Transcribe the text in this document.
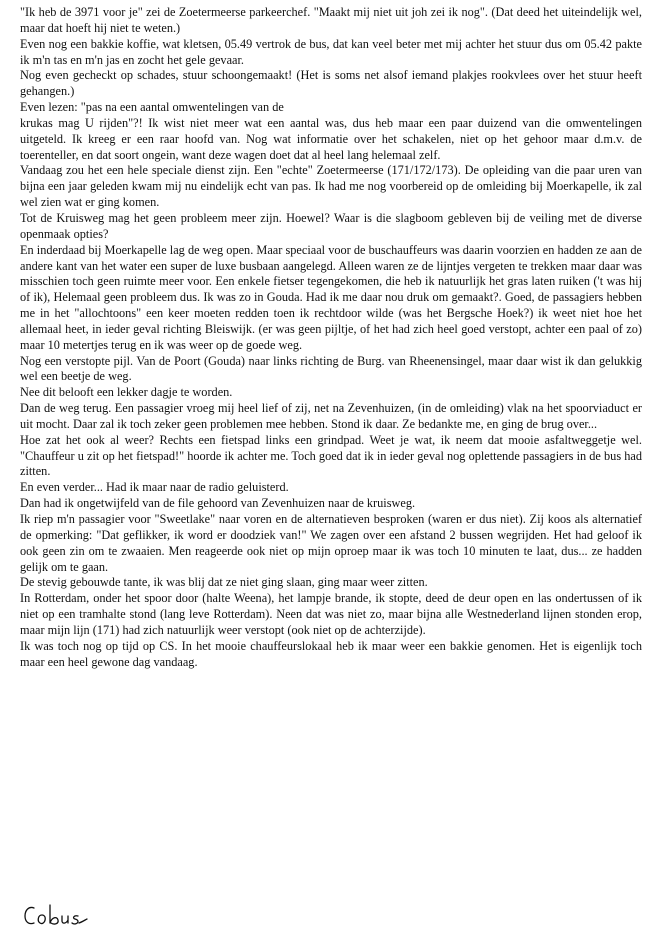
"Ik heb de 3971 voor je" zei de Zoetermeerse parkeerchef. "Maakt mij niet uit joh zei ik nog". (Dat deed het uiteindelijk wel, maar dat hoeft hij niet te weten.)

Even nog een bakkie koffie, wat kletsen, 05.49 vertrok de bus, dat kan veel beter met mij achter het stuur dus om 05.42 pakte ik m'n tas en m'n jas en zocht het gele gevaar.

Nog even gecheckt op schades, stuur schoongemaakt! (Het is soms net alsof iemand plakjes rookvlees over het stuur heeft gehangen.)

Even lezen: "pas na een aantal omwentelingen van de

krukas mag U rijden"?! Ik wist niet meer wat een aantal was, dus heb maar een paar duizend van die omwentelingen uitgeteld. Ik kreeg er een raar hoofd van. Nog wat informatie over het schakelen, niet op het gehoor maar d.m.v. de toerenteller, en dat soort ongein, want deze wagen doet dat al heel lang helemaal zelf.

Vandaag zou het een hele speciale dienst zijn. Een "echte" Zoetermeerse (171/172/173). De opleiding van die paar uren van bijna een jaar geleden kwam mij nu eindelijk echt van pas. Ik had me nog voorbereid op de omleiding bij Moerkapelle, ik zal wel zien wat er ging komen.

Tot de Kruisweg mag het geen probleem meer zijn. Hoewel? Waar is die slagboom gebleven bij de veiling met de diverse openmaak opties?

En inderdaad bij Moerkapelle lag de weg open. Maar speciaal voor de buschauffeurs was daarin voorzien en hadden ze aan de andere kant van het water een super de luxe busbaan aangelegd. Alleen waren ze de lijntjes vergeten te trekken maar daar was misschien toch geen ruimte meer voor. Een enkele fietser tegengekomen, die heb ik natuurlijk het gras laten ruiken ('t was hij of ik), Helemaal geen probleem dus. Ik was zo in Gouda. Had ik me daar nou druk om gemaakt?. Goed, de passagiers hebben me in het "allochtoons" een keer moeten redden toen ik rechtdoor wilde (was het Bergsche Hoek?) ik weet niet hoe het allemaal heet, in ieder geval richting Bleiswijk. (er was geen pijltje, of het had zich heel goed verstopt, achter een paal of zo) maar 10 metertjes terug en ik was weer op de goede weg.

Nog een verstopte pijl. Van de Poort (Gouda) naar links richting de Burg. van Rheenensingel, maar daar wist ik dan gelukkig wel een beetje de weg.

Nee dit belooft een lekker dagje te worden.

Dan de weg terug. Een passagier vroeg mij heel lief of zij, net na Zevenhuizen, (in de omleiding) vlak na het spoorviaduct er uit mocht. Daar zal ik toch zeker geen problemen mee hebben. Stond ik daar. Ze bedankte me, en ging de brug over...

Hoe zat het ook al weer? Rechts een fietspad links een grindpad. Weet je wat, ik neem dat mooie asfaltweggetje wel. "Chauffeur u zit op het fietspad!" hoorde ik achter me. Toch goed dat ik in ieder geval nog oplettende passagiers in de bus had zitten.

En even verder... Had ik maar naar de radio geluisterd.

Dan had ik ongetwijfeld van de file gehoord van Zevenhuizen naar de kruisweg.

Ik riep m'n passagier voor "Sweetlake" naar voren en de alternatieven besproken (waren er dus niet). Zij koos als alternatief de opmerking: "Dat geflikker, ik word er doodziek van!" We zagen over een afstand 2 bussen wegrijden. Het had geloof ik ook geen zin om te zwaaien. Men reageerde ook niet op mijn oproep maar ik was toch 10 minuten te laat, dus... ze hadden gelijk om te gaan.

De stevig gebouwde tante, ik was blij dat ze niet ging slaan, ging maar weer zitten.

In Rotterdam, onder het spoor door (halte Weena), het lampje brande, ik stopte, deed de deur open en las ondertussen of ik niet op een tramhalte stond (lang leve Rotterdam). Neen dat was niet zo, maar bijna alle Westnederland lijnen stonden erop, maar mijn lijn (171) had zich natuurlijk weer verstopt (ook niet op de achterzijde).

Ik was toch nog op tijd op CS. In het mooie chauffeurslokaal heb ik maar weer een bakkie genomen. Het is eigenlijk toch maar een heel gewone dag vandaag.
